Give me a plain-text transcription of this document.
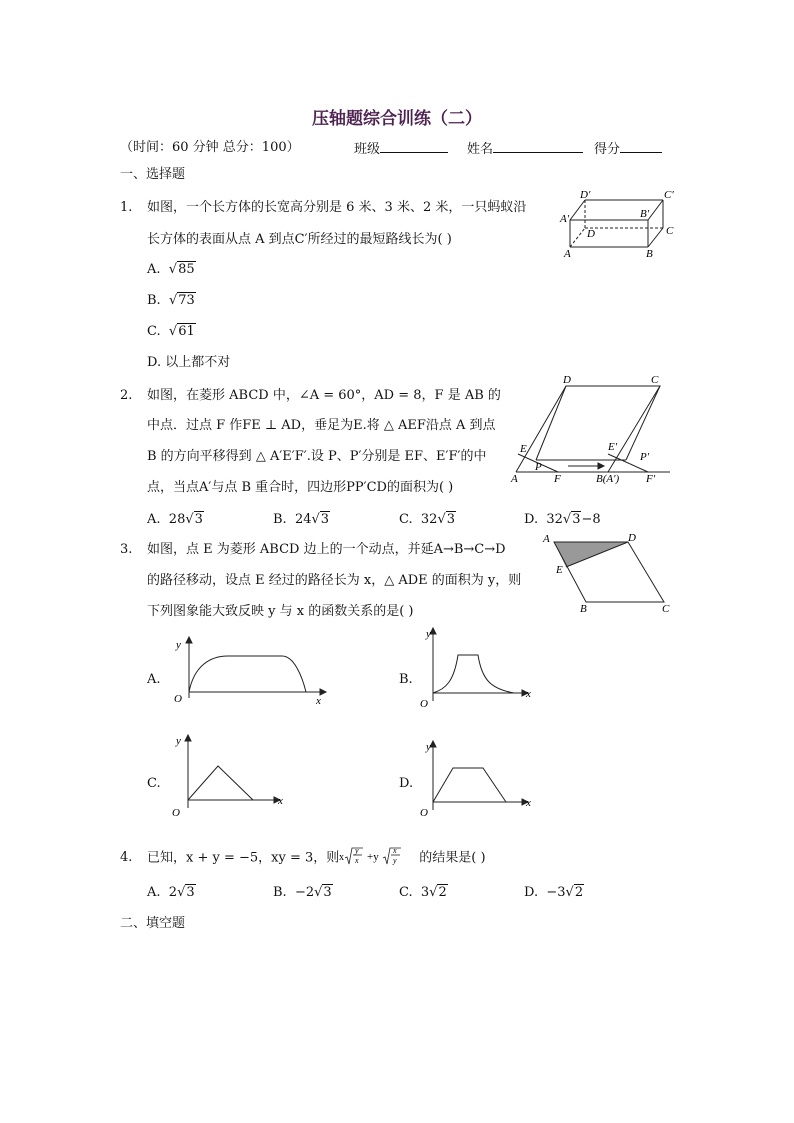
压轴题综合训练（二）
（时间：60 分钟 总分：100）	班级	姓名	得分
一、选择题
1. 如图，一个长方体的长宽高分别是 6 米、3 米、2 米，一只蚂蚁沿
长方体的表面从点 A 到点C′所经过的最短路线长为( )
A.  √85
B.  √73
C.  √61
D. 以上都不对
D′	C′
A′	B′
D	C
A	B
2. 如图，在菱形 ABCD 中，∠A = 60°，AD = 8，F 是 AB 的
中点．过点 F 作FE ⊥ AD，垂足为E.将 △ AEF沿点 A 到点
B 的方向平移得到 △ A′E′F′.设 P、P′分别是 EF、E′F′的中
点，当点A′与点 B 重合时，四边形PP′CD的面积为( )
A. 28√3	B. 24√3	C. 32√3	D. 32√3−8
D	C
E	E′
P′
P
A	F	B(A′) F′
3. 如图，点 E 为菱形 ABCD 边上的一个动点，并延A→B→C→D
的路径移动，设点 E 经过的路径长为 x，△ ADE 的面积为 y，则
下列图象能大致反映 y 与 x 的函数关系的是( )
A	D
E
B	C
A.
y
O	x
B.
y
O
x
C.
y
O
x
D.
y
O
x
4. 已知，x + y = −5，xy = 3，则 x
y
x +y
x
y 的结果是( )
A. 2√3	B. −2√3	C. 3√2	D. −3√2
二、填空题
